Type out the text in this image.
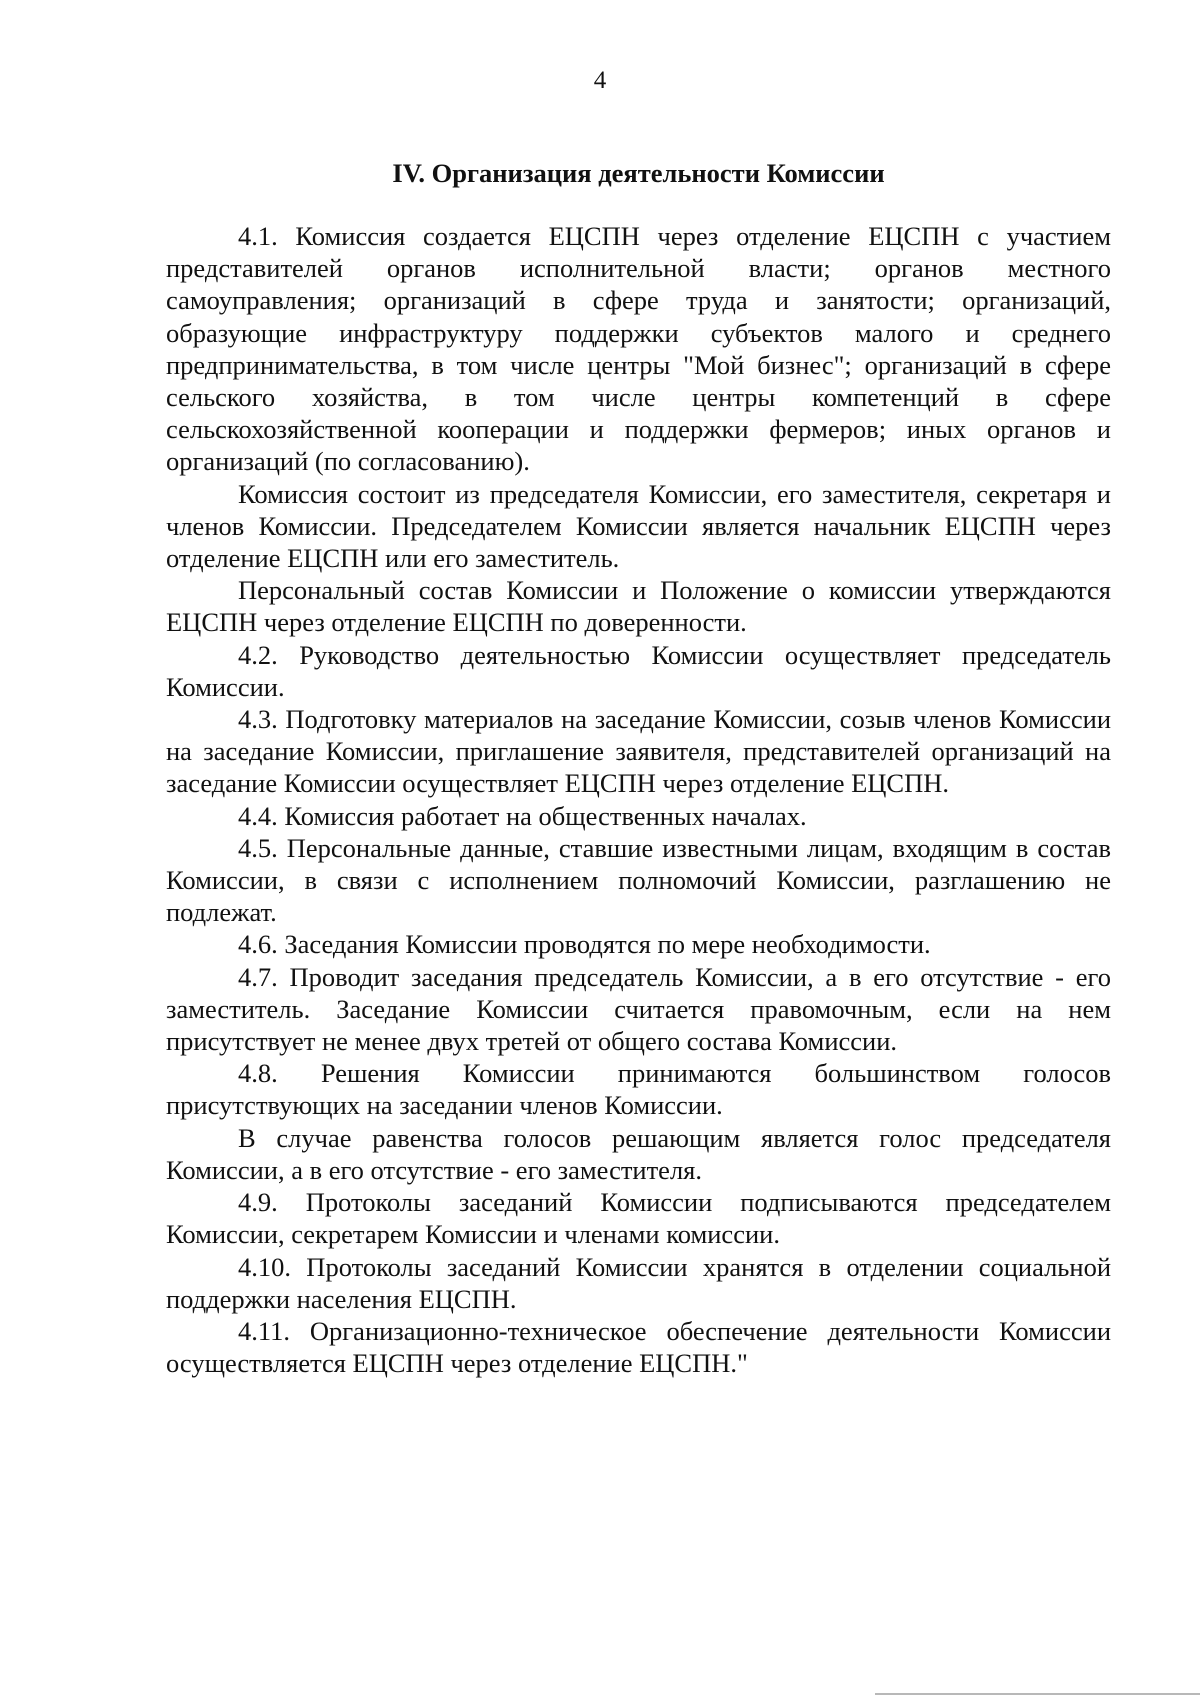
4
IV. Организация деятельности Комиссии

4.1. Комиссия создается ЕЦСПН через отделение ЕЦСПН с участием представителей органов исполнительной власти; органов местного самоуправления; организаций в сфере труда и занятости; организаций, образующие инфраструктуру поддержки субъектов малого и среднего предпринимательства, в том числе центры "Мой бизнес"; организаций в сфере сельского хозяйства, в том числе центры компетенций в сфере сельскохозяйственной кооперации и поддержки фермеров; иных органов и организаций (по согласованию).

Комиссия состоит из председателя Комиссии, его заместителя, секретаря и членов Комиссии. Председателем Комиссии является начальник ЕЦСПН через отделение ЕЦСПН или его заместитель.

Персональный состав Комиссии и Положение о комиссии утверждаются ЕЦСПН через отделение ЕЦСПН по доверенности.

4.2. Руководство деятельностью Комиссии осуществляет председатель Комиссии.

4.3. Подготовку материалов на заседание Комиссии, созыв членов Комиссии на заседание Комиссии, приглашение заявителя, представителей организаций на заседание Комиссии осуществляет ЕЦСПН через отделение ЕЦСПН.

4.4. Комиссия работает на общественных началах.

4.5. Персональные данные, ставшие известными лицам, входящим в состав Комиссии, в связи с исполнением полномочий Комиссии, разглашению не подлежат.

4.6. Заседания Комиссии проводятся по мере необходимости.

4.7. Проводит заседания председатель Комиссии, а в его отсутствие - его заместитель. Заседание Комиссии считается правомочным, если на нем присутствует не менее двух третей от общего состава Комиссии.

4.8. Решения Комиссии принимаются большинством голосов присутствующих на заседании членов Комиссии.

В случае равенства голосов решающим является голос председателя Комиссии, а в его отсутствие - его заместителя.

4.9. Протоколы заседаний Комиссии подписываются председателем Комиссии, секретарем Комиссии и членами комиссии.

4.10. Протоколы заседаний Комиссии хранятся в отделении социальной поддержки населения ЕЦСПН.

4.11. Организационно-техническое обеспечение деятельности Комиссии осуществляется ЕЦСПН через отделение ЕЦСПН."
